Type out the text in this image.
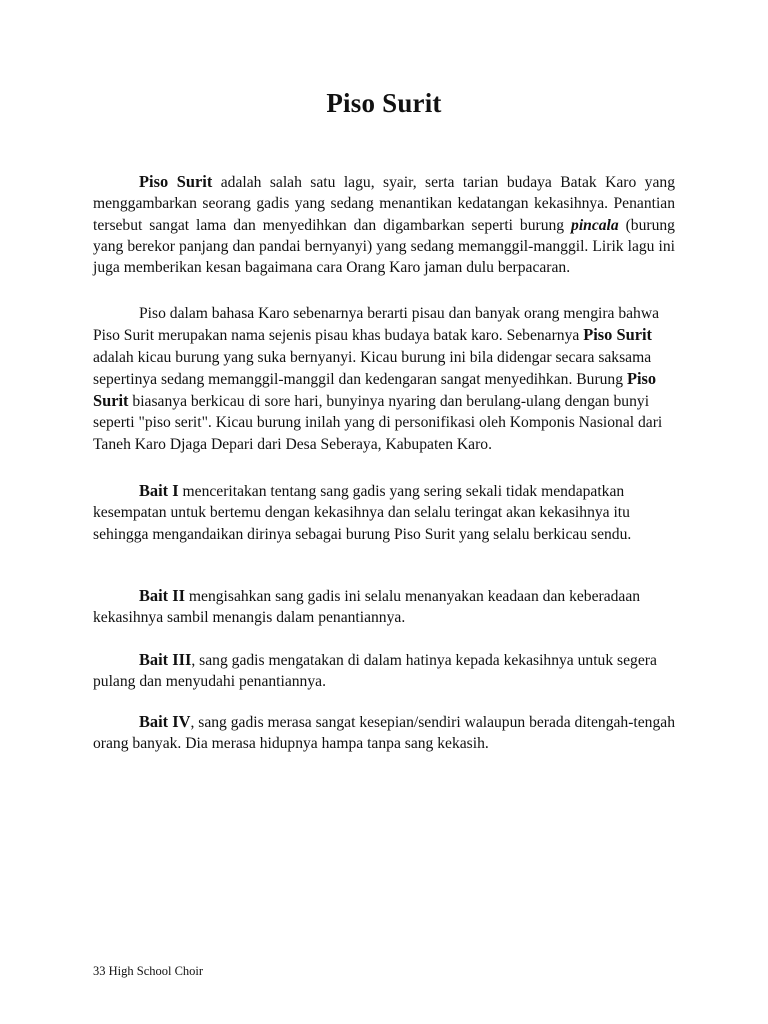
Piso Surit

Piso Surit adalah salah satu lagu, syair, serta tarian budaya Batak Karo yang menggambarkan seorang gadis yang sedang menantikan kedatangan kekasihnya. Penantian tersebut sangat lama dan menyedihkan dan digambarkan seperti burung pincala (burung yang berekor panjang dan pandai bernyanyi) yang sedang memanggil-manggil. Lirik lagu ini juga memberikan kesan bagaimana cara Orang Karo jaman dulu berpacaran.

Piso dalam bahasa Karo sebenarnya berarti pisau dan banyak orang mengira bahwa Piso Surit merupakan nama sejenis pisau khas budaya batak karo. Sebenarnya Piso Surit adalah kicau burung yang suka bernyanyi. Kicau burung ini bila didengar secara saksama sepertinya sedang memanggil-manggil dan kedengaran sangat menyedihkan. Burung Piso Surit biasanya berkicau di sore hari, bunyinya nyaring dan berulang-ulang dengan bunyi seperti "piso serit". Kicau burung inilah yang di personifikasi oleh Komponis Nasional dari Taneh Karo Djaga Depari dari Desa Seberaya, Kabupaten Karo.

Bait I menceritakan tentang sang gadis yang sering sekali tidak mendapatkan kesempatan untuk bertemu dengan kekasihnya dan selalu teringat akan kekasihnya itu sehingga mengandaikan dirinya sebagai burung Piso Surit yang selalu berkicau sendu.

Bait II mengisahkan sang gadis ini selalu menanyakan keadaan dan keberadaan kekasihnya sambil menangis dalam penantiannya.

Bait III, sang gadis mengatakan di dalam hatinya kepada kekasihnya untuk segera pulang dan menyudahi penantiannya.

Bait IV, sang gadis merasa sangat kesepian/sendiri walaupun berada ditengah-tengah orang banyak. Dia merasa hidupnya hampa tanpa sang kekasih.

33 High School Choir
